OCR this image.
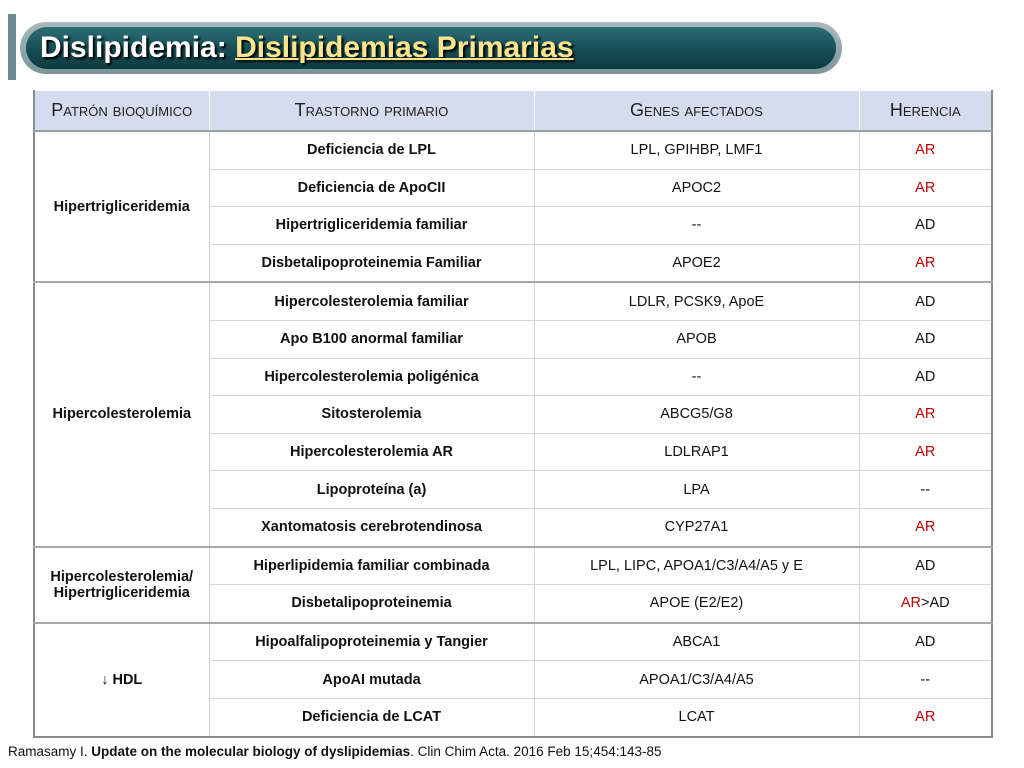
Dislipidemia: Dislipidemias Primarias
Patrón bioquímico	Trastorno primario	Genes afectados	Herencia
Hipertrigliceridemia	Deficiencia de LPL	LPL, GPIHBP, LMF1	AR
	Deficiencia de ApoCII	APOC2	AR
	Hipertrigliceridemia familiar	--	AD
	Disbetalipoproteinemia Familiar	APOE2	AR
Hipercolesterolemia	Hipercolesterolemia familiar	LDLR, PCSK9, ApoE	AD
	Apo B100 anormal familiar	APOB	AD
	Hipercolesterolemia poligénica	--	AD
	Sitosterolemia	ABCG5/G8	AR
	Hipercolesterolemia AR	LDLRAP1	AR
	Lipoproteína (a)	LPA	--
	Xantomatosis cerebrotendinosa	CYP27A1	AR
Hipercolesterolemia/
Hipertrigliceridemia	Hiperlipidemia familiar combinada	LPL, LIPC, APOA1/C3/A4/A5 y E	AD
	Disbetalipoproteinemia	APOE (E2/E2)	AR>AD
↓ HDL	Hipoalfalipoproteinemia y Tangier	ABCA1	AD
	ApoAI mutada	APOA1/C3/A4/A5	--
	Deficiencia de LCAT	LCAT	AR
Ramasamy I. Update on the molecular biology of dyslipidemias. Clin Chim Acta. 2016 Feb 15;454:143-85
